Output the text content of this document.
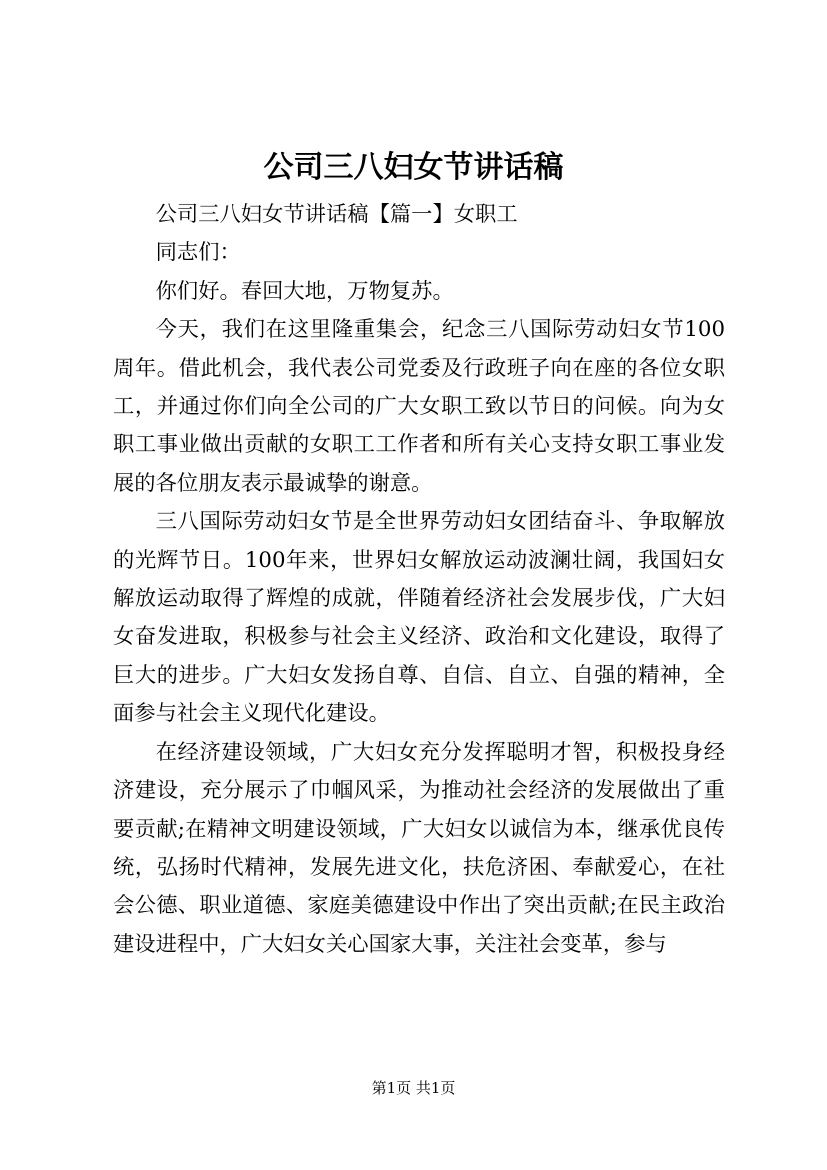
公司三八妇女节讲话稿

公司三八妇女节讲话稿【篇一】女职工

同志们：

你们好。春回大地，万物复苏。

今天，我们在这里隆重集会，纪念三八国际劳动妇女节100周年。借此机会，我代表公司党委及行政班子向在座的各位女职工，并通过你们向全公司的广大女职工致以节日的问候。向为女职工事业做出贡献的女职工工作者和所有关心支持女职工事业发展的各位朋友表示最诚挚的谢意。

三八国际劳动妇女节是全世界劳动妇女团结奋斗、争取解放的光辉节日。100年来，世界妇女解放运动波澜壮阔，我国妇女解放运动取得了辉煌的成就，伴随着经济社会发展步伐，广大妇女奋发进取，积极参与社会主义经济、政治和文化建设，取得了巨大的进步。广大妇女发扬自尊、自信、自立、自强的精神，全面参与社会主义现代化建设。

在经济建设领域，广大妇女充分发挥聪明才智，积极投身经济建设，充分展示了巾帼风采，为推动社会经济的发展做出了重要贡献;在精神文明建设领域，广大妇女以诚信为本，继承优良传统，弘扬时代精神，发展先进文化，扶危济困、奉献爱心，在社会公德、职业道德、家庭美德建设中作出了突出贡献;在民主政治建设进程中，广大妇女关心国家大事，关注社会变革，参与

第1页 共1页
